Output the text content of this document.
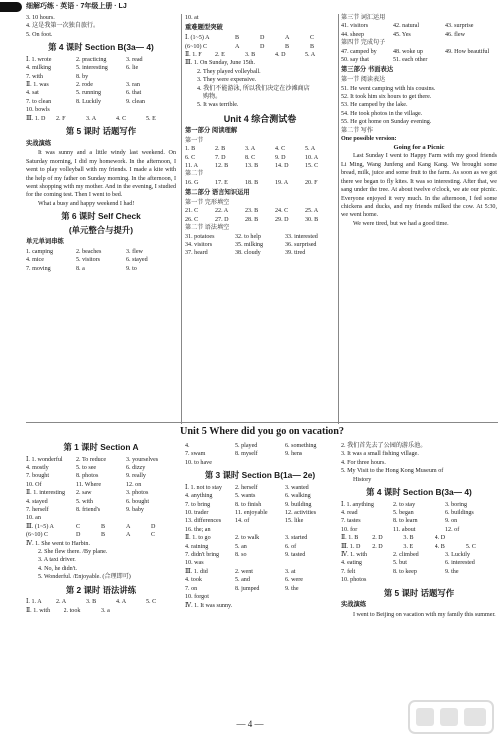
细解巧练 · 英语 · 7年级上册 · LJ
3. 10 hours.
4. 这是我第一次独自旅行。
5. On foot.
第 4 课时 Section B(3a— 4)
Ⅰ. 1. wrote	2. practicing	3. read
4. milking	5. interesting	6. lie
7. with	8. by
Ⅱ. 1. was	2. rode	3. ran
4. sat	5. running	6. that
7. to clean	8. Luckily	9. clean
10. bowls
Ⅲ. 1. D	2. F	3. A	4. C	5. E
第 5 课时 话题写作
实战演练
It was sunny and a little windy last weekend. On Saturday morning, I did my homework. In the afternoon, I went to play volleyball with my friends. I made a kite with the help of my father on Sunday morning. In the afternoon, I went shopping with my mother. And in the evening, I studied for the coming test. Then I went to bed.
What a busy and happy weekend I had!
第 6 课时 Self Check
(单元整合与提升)
单元单词串练
1. camping	2. beaches	3. flew
4. mice	5. visitors	6. stayed
7. moving	8. a	9. to
10. at
重难题型突破
Ⅰ. (1~5) A	B	D	A	C
(6~10) C	A	D	B	B
Ⅱ. 1. F	2. E	3. B	4. D	5. A
Ⅲ. 1. On Sunday, June 15th.
2. They played volleyball.
3. They were expensive.
4. 我们不能游泳, 所以我们决定在沙滩商店
购物。
5. It was terrible.
Unit 4 综合测试卷
第一部分 阅读理解
第一节
1. B	2. B	3. A	4. C	5. A
6. C	7. D	8. C	9. D	10. A
11. A	12. B	13. B	14. D	15. C
第二节
16. G	17. E	18. B	19. A	20. F
第二部分 语言知识运用
第一节 完形填空
21. C	22. A	23. B	24. C	25. A
26. C	27. D	28. B	29. D	30. B
第二节 语法填空
31. potatoes	32. to help	33. interested
34. visitors	35. milking	36. surprised
37. heard	38. cloudy	39. tired
第三节 词汇运用
41. visitors	42. natural	43. surprise
44. sheep	45. Yes	46. flew
第四节 完成句子
47. camped by	48. woke up	49. How beautiful
50. say that	51. each other
第三部分 书面表达
第一节 阅读表达
51. He went camping with his cousins.
52. It took him six hours to get there.
53. He camped by the lake.
54. He took photos in the village.
55. He got home on Sunday evening.
第二节 写作
One possible version:
Going for a Picnic
Last Sunday I went to Happy Farm with my good friends Li Ming, Wang Junfeng and Kang Kang. We brought some bread, milk, juice and some fruit to the farm. As soon as we got there we began to fly kites. It was so interesting. After that, we sang under the tree. At about twelve o'clock, we ate our picnic. Everyone enjoyed it very much. In the afternoon, I fed some chickens and ducks, and my friends milked the cow. At 5:30, we went home.
We were tired, but we had a good time.
Unit 5 Where did you go on vacation?
第 1 课时 Section A
Ⅰ. 1. wonderful	2. To reduce	3. yourselves
4. mostly	5. to see	6. dizzy
7. bought	8. photos	9. really
10. Of	11. Where	12. on
Ⅱ. 1. interesting	2. saw	3. photos
4. stayed	5. with	6. bought
7. herself	8. friend's	9. baby
10. an
Ⅲ. (1~5) A	C	B	A	D
(6~10) C	D	B	A	C
Ⅳ. 1. She went to Harbin.
2. She flew there. /By plane.
3. A taxi driver.
4. No, he didn't.
5. Wonderful. /Enjoyable. (合理即可)
第 2 课时 语法讲练
Ⅰ. 1. A	2. A	3. B	4. A	5. C
Ⅱ. 1. with	2. took	3. a
4.	5. played	6. something
7. swam	8. myself	9. hens
10. to have
第 3 课时 Section B(1a— 2e)
Ⅰ. 1. not to stay	2. herself	3. wanted
4. anything	5. wants	6. walking
7. to bring	8. to finish	9. building
10. trader	11. enjoyable	12. activities
13. differences	14. of	15. like
16. the; an
Ⅱ. 1. to go	2. to walk	3. started
4. raining	5. an	6. of
7. didn't bring	8. so	9. tasted
10. was
Ⅲ. 1. did	2. went	3. at
4. took	5. and	6. were
7. on	8. jumped	9. the
10. forgot
Ⅳ. 1. It was sunny.
2. 我们首先去了公园的游乐池。
3. It was a small fishing village.
4. For three hours.
5. My Visit to the Hong Kong Museum of
History
第 4 课时 Section B(3a— 4)
Ⅰ. 1. anything	2. to stay	3. boring
4. read	5. began	6. buildings
7. tastes	8. to learn	9. on
10. for	11. about	12. of
Ⅱ. 1. B	2. D	3. B	4. D
Ⅲ. 1. D	2. D	3. E	4. B	5. C
Ⅳ. 1. with	2. climbed	3. Luckily
4. eating	5. but	6. interested
7. felt	8. to keep	9. the
10. photos
第 5 课时 话题写作
实战演练
I went to Beijing on vacation with my family this summer.
— 4 —
